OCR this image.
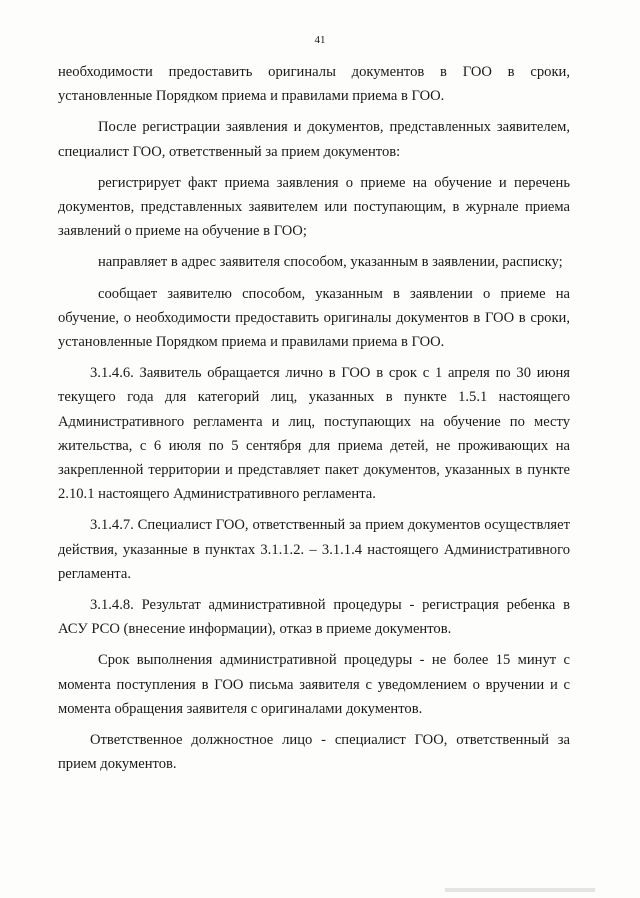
41

необходимости предоставить оригиналы документов в ГОО в сроки, установленные Порядком приема и правилами приема в ГОО.

После регистрации заявления и документов, представленных заявителем, специалист ГОО, ответственный за прием документов:

регистрирует факт приема заявления о приеме на обучение и перечень документов, представленных заявителем или поступающим, в журнале приема заявлений о приеме на обучение в ГОО;

направляет в адрес заявителя способом, указанным в заявлении, расписку;

сообщает заявителю способом, указанным в заявлении о приеме на обучение, о необходимости предоставить оригиналы документов в ГОО в сроки, установленные Порядком приема и правилами приема в ГОО.

3.1.4.6. Заявитель обращается лично в ГОО в срок с 1 апреля по 30 июня текущего года для категорий лиц, указанных в пункте 1.5.1 настоящего Административного регламента и лиц, поступающих на обучение по месту жительства, с 6 июля по 5 сентября для приема детей, не проживающих на закрепленной территории и представляет пакет документов, указанных в пункте 2.10.1 настоящего Административного регламента.

3.1.4.7. Специалист ГОО, ответственный за прием документов осуществляет действия, указанные в пунктах 3.1.1.2. – 3.1.1.4 настоящего Административного регламента.

3.1.4.8. Результат административной процедуры - регистрация ребенка в АСУ РСО (внесение информации), отказ в приеме документов.

Срок выполнения административной процедуры - не более 15 минут с момента поступления в ГОО письма заявителя с уведомлением о вручении и с момента обращения заявителя с оригиналами документов.

Ответственное должностное лицо - специалист ГОО, ответственный за прием документов.
